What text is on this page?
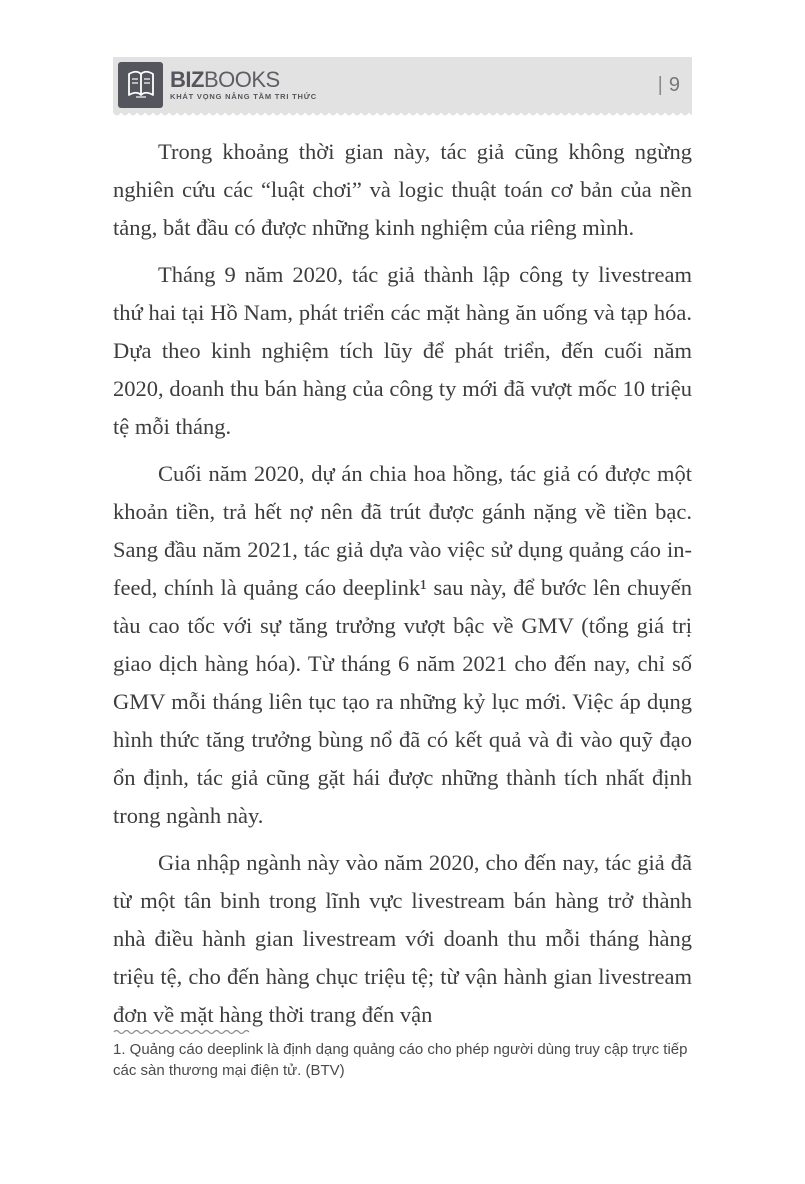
BIZBOOKS
KHÁT VỌNG NÂNG TẦM TRI THỨC
| 9

Trong khoảng thời gian này, tác giả cũng không ngừng nghiên cứu các “luật chơi” và logic thuật toán cơ bản của nền tảng, bắt đầu có được những kinh nghiệm của riêng mình.

Tháng 9 năm 2020, tác giả thành lập công ty livestream thứ hai tại Hồ Nam, phát triển các mặt hàng ăn uống và tạp hóa. Dựa theo kinh nghiệm tích lũy để phát triển, đến cuối năm 2020, doanh thu bán hàng của công ty mới đã vượt mốc 10 triệu tệ mỗi tháng.

Cuối năm 2020, dự án chia hoa hồng, tác giả có được một khoản tiền, trả hết nợ nên đã trút được gánh nặng về tiền bạc. Sang đầu năm 2021, tác giả dựa vào việc sử dụng quảng cáo in-feed, chính là quảng cáo deeplink¹ sau này, để bước lên chuyến tàu cao tốc với sự tăng trưởng vượt bậc về GMV (tổng giá trị giao dịch hàng hóa). Từ tháng 6 năm 2021 cho đến nay, chỉ số GMV mỗi tháng liên tục tạo ra những kỷ lục mới. Việc áp dụng hình thức tăng trưởng bùng nổ đã có kết quả và đi vào quỹ đạo ổn định, tác giả cũng gặt hái được những thành tích nhất định trong ngành này.

Gia nhập ngành này vào năm 2020, cho đến nay, tác giả đã từ một tân binh trong lĩnh vực livestream bán hàng trở thành nhà điều hành gian livestream với doanh thu mỗi tháng hàng triệu tệ, cho đến hàng chục triệu tệ; từ vận hành gian livestream đơn về mặt hàng thời trang đến vận

1. Quảng cáo deeplink là định dạng quảng cáo cho phép người dùng truy cập trực tiếp các sàn thương mại điện tử. (BTV)
